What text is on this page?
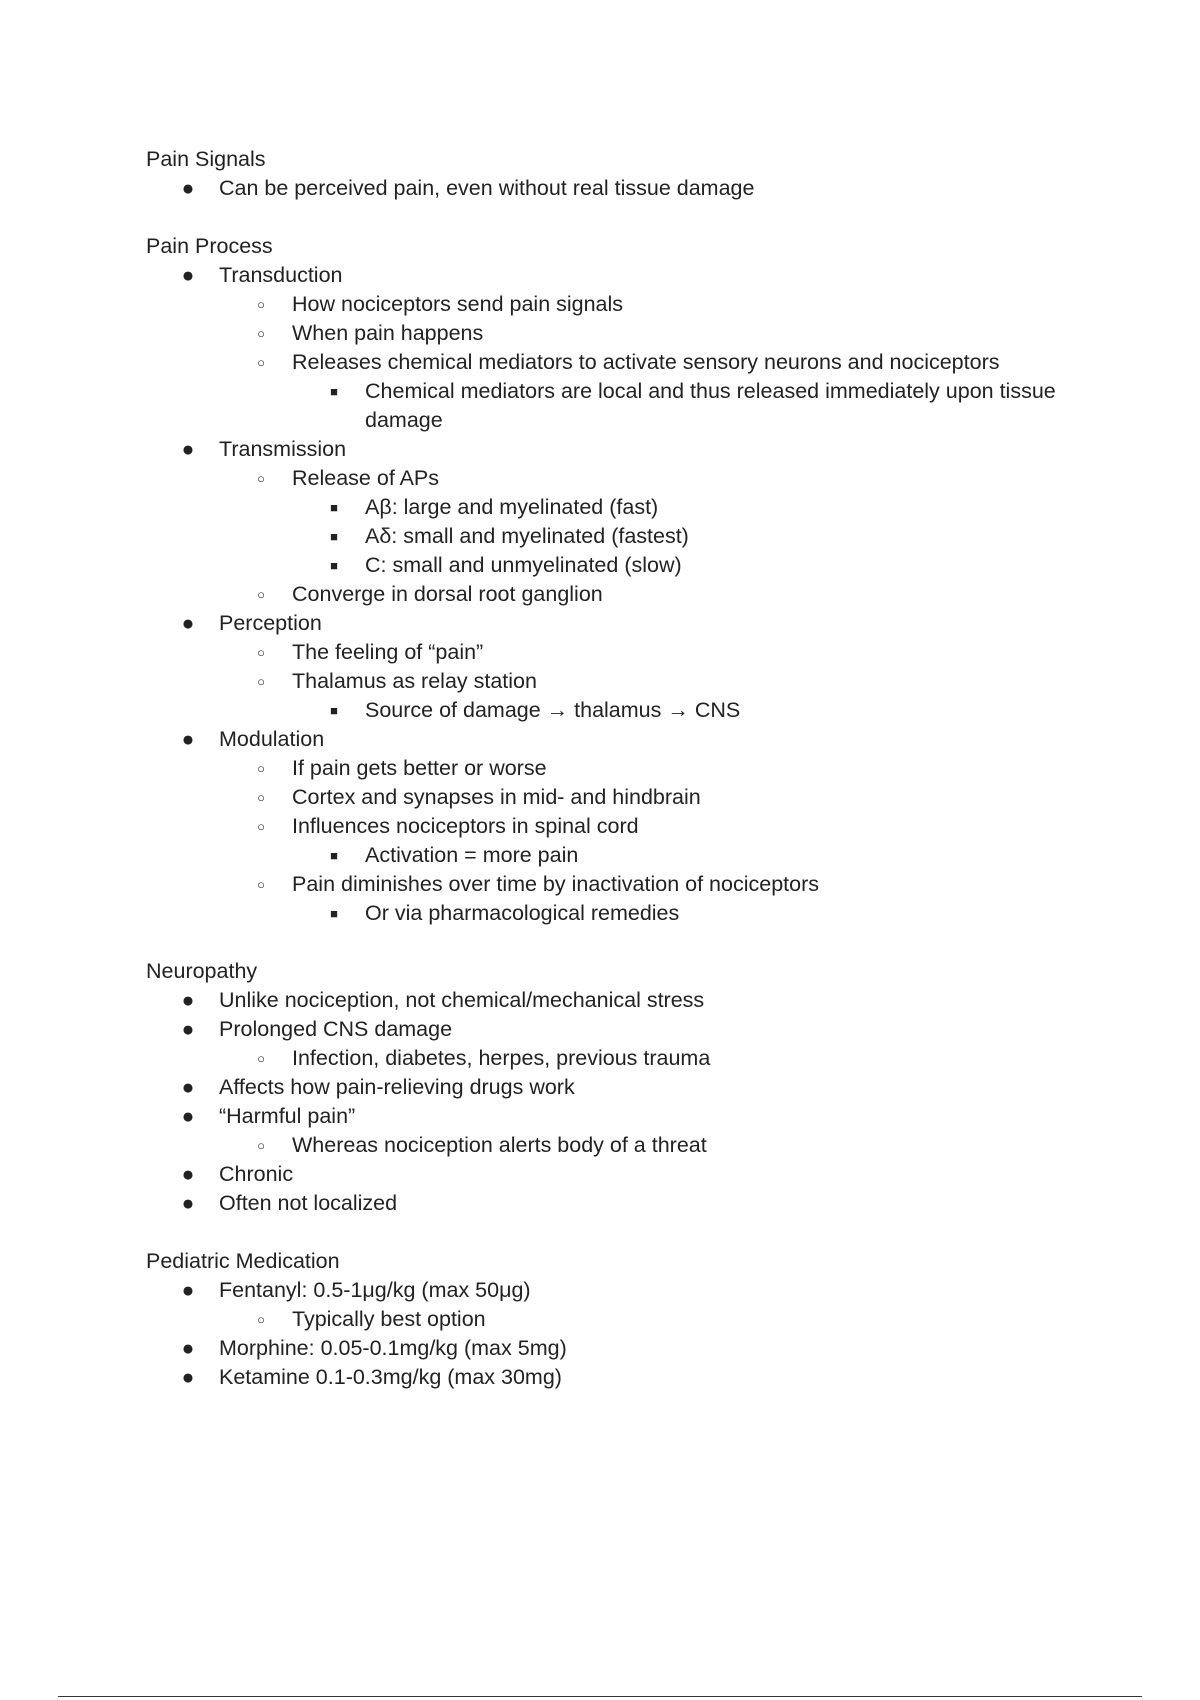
Pain Signals
● Can be perceived pain, even without real tissue damage
Pain Process
● Transduction
○ How nociceptors send pain signals
○ When pain happens
○ Releases chemical mediators to activate sensory neurons and nociceptors
■ Chemical mediators are local and thus released immediately upon tissue damage
● Transmission
○ Release of APs
■ Aβ: large and myelinated (fast)
■ Aδ: small and myelinated (fastest)
■ C: small and unmyelinated (slow)
○ Converge in dorsal root ganglion
● Perception
○ The feeling of “pain”
○ Thalamus as relay station
■ Source of damage → thalamus → CNS
● Modulation
○ If pain gets better or worse
○ Cortex and synapses in mid- and hindbrain
○ Influences nociceptors in spinal cord
■ Activation = more pain
○ Pain diminishes over time by inactivation of nociceptors
■ Or via pharmacological remedies
Neuropathy
● Unlike nociception, not chemical/mechanical stress
● Prolonged CNS damage
○ Infection, diabetes, herpes, previous trauma
● Affects how pain-relieving drugs work
● “Harmful pain”
○ Whereas nociception alerts body of a threat
● Chronic
● Often not localized
Pediatric Medication
● Fentanyl: 0.5-1μg/kg (max 50μg)
○ Typically best option
● Morphine: 0.05-0.1mg/kg (max 5mg)
● Ketamine 0.1-0.3mg/kg (max 30mg)
